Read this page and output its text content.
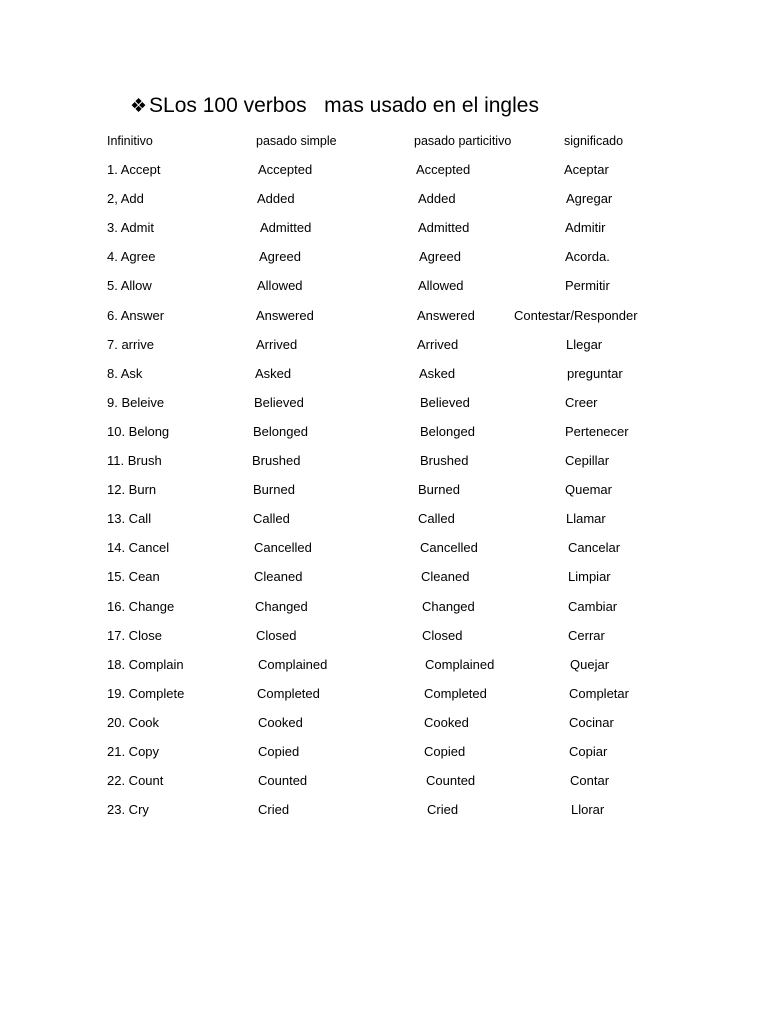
❖SLos 100 verbos   mas usado en el ingles
Infinitivo	pasado simple	pasado particitivo	significado
1. Accept	Accepted	Accepted	Aceptar
2, Add	Added	Added	Agregar
3. Admit	Admitted	Admitted	Admitir
4. Agree	Agreed	Agreed	Acorda.
5. Allow	Allowed	Allowed	Permitir
6. Answer	Answered	Answered	Contestar/Responder
7. arrive	Arrived	Arrived	Llegar
8. Ask	Asked	Asked	preguntar
9. Beleive	Believed	Believed	Creer
10. Belong	Belonged	Belonged	Pertenecer
11. Brush	Brushed	Brushed	Cepillar
12. Burn	Burned	Burned	Quemar
13. Call	Called	Called	Llamar
14. Cancel	Cancelled	Cancelled	Cancelar
15. Cean	Cleaned	Cleaned	Limpiar
16. Change	Changed	Changed	Cambiar
17. Close	Closed	Closed	Cerrar
18. Complain	Complained	Complained	Quejar
19. Complete	Completed	Completed	Completar
20. Cook	Cooked	Cooked	Cocinar
21. Copy	Copied	Copied	Copiar
22. Count	Counted	Counted	Contar
23. Cry	Cried	Cried	Llorar
